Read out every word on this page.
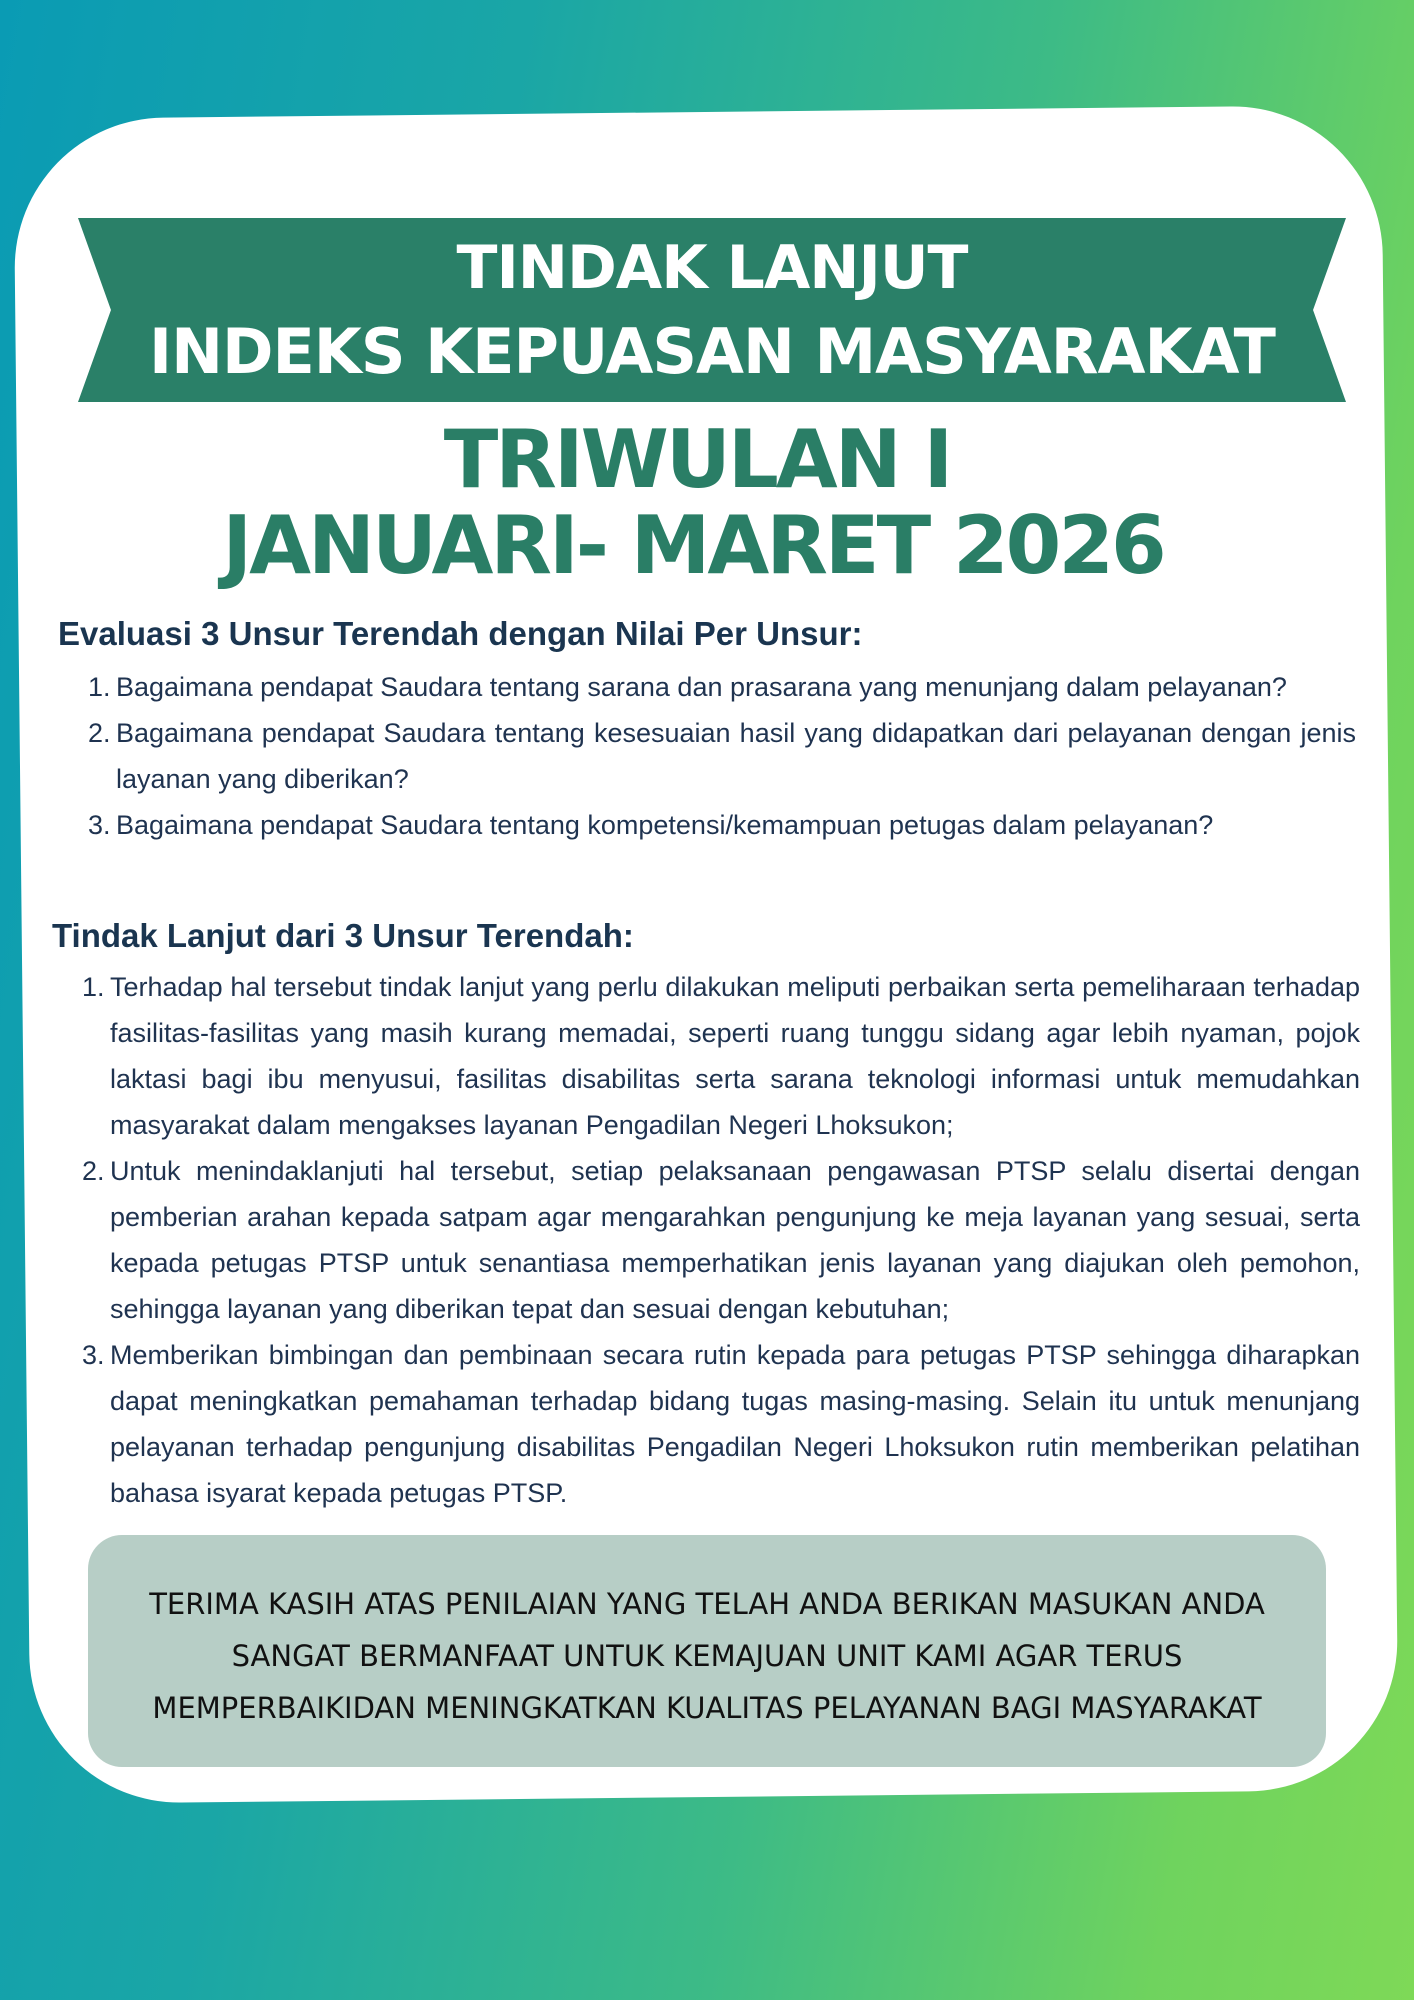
TINDAK LANJUT
INDEKS KEPUASAN MASYARAKAT
TRIWULAN I
JANUARI- MARET 2026
Evaluasi 3 Unsur Terendah dengan Nilai Per Unsur:
1. Bagaimana pendapat Saudara tentang sarana dan prasarana yang menunjang dalam pelayanan?
2. Bagaimana pendapat Saudara tentang kesesuaian hasil yang didapatkan dari pelayanan dengan jenis layanan yang diberikan?
3. Bagaimana pendapat Saudara tentang kompetensi/kemampuan petugas dalam pelayanan?
Tindak Lanjut dari 3 Unsur Terendah:
1. Terhadap hal tersebut tindak lanjut yang perlu dilakukan meliputi perbaikan serta pemeliharaan terhadap fasilitas-fasilitas yang masih kurang memadai, seperti ruang tunggu sidang agar lebih nyaman, pojok laktasi bagi ibu menyusui, fasilitas disabilitas serta sarana teknologi informasi untuk memudahkan masyarakat dalam mengakses layanan Pengadilan Negeri Lhoksukon;
2. Untuk menindaklanjuti hal tersebut, setiap pelaksanaan pengawasan PTSP selalu disertai dengan pemberian arahan kepada satpam agar mengarahkan pengunjung ke meja layanan yang sesuai, serta kepada petugas PTSP untuk senantiasa memperhatikan jenis layanan yang diajukan oleh pemohon, sehingga layanan yang diberikan tepat dan sesuai dengan kebutuhan;
3. Memberikan bimbingan dan pembinaan secara rutin kepada para petugas PTSP sehingga diharapkan dapat meningkatkan pemahaman terhadap bidang tugas masing-masing. Selain itu untuk menunjang pelayanan terhadap pengunjung disabilitas Pengadilan Negeri Lhoksukon rutin memberikan pelatihan bahasa isyarat kepada petugas PTSP.
TERIMA KASIH ATAS PENILAIAN YANG TELAH ANDA BERIKAN MASUKAN ANDA
SANGAT BERMANFAAT UNTUK KEMAJUAN UNIT KAMI AGAR TERUS
MEMPERBAIKIDAN MENINGKATKAN KUALITAS PELAYANAN BAGI MASYARAKAT
